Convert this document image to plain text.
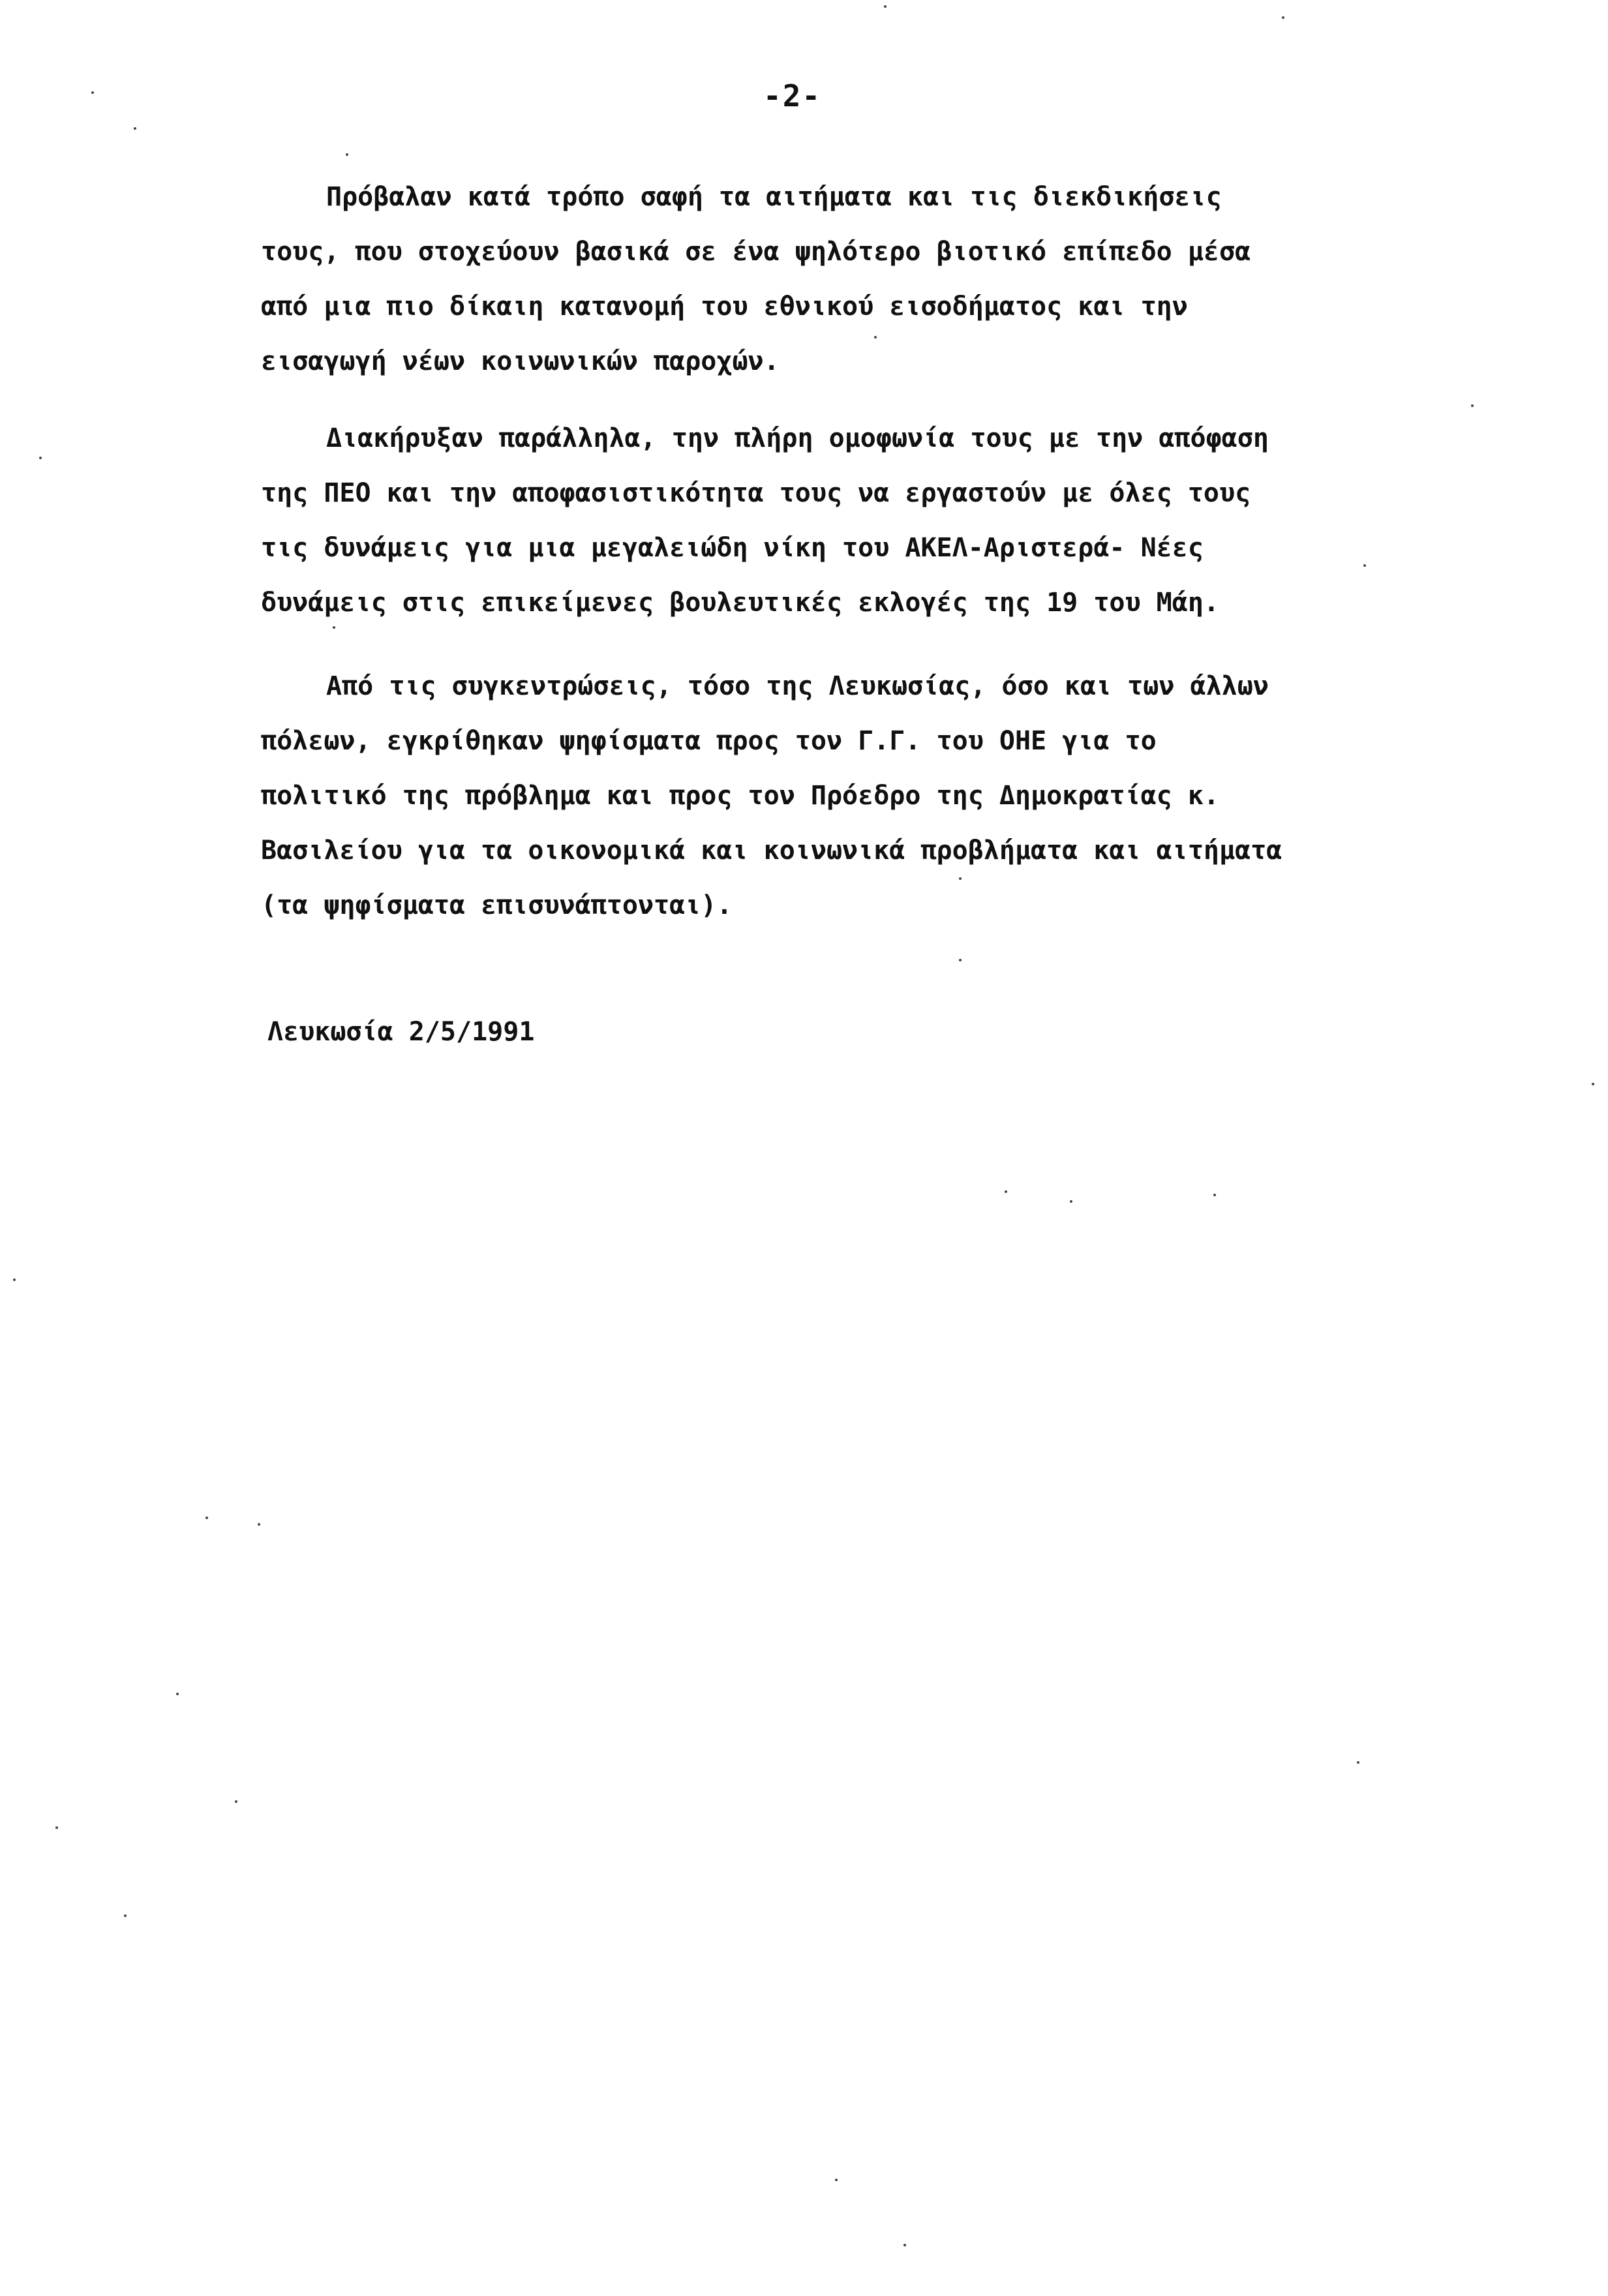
-2-
Πρόβαλαν κατά τρόπο σαφή τα αιτήματα και τις διεκδικήσεις
τους, που στοχεύουν βασικά σε ένα ψηλότερο βιοτικό επίπεδο μέσα
από μια πιο δίκαιη κατανομή του εθνικού εισοδήματος και την
εισαγωγή νέων κοινωνικών παροχών.
Διακήρυξαν παράλληλα, την πλήρη ομοφωνία τους με την απόφαση
της ΠΕΟ και την αποφασιστικότητα τους να εργαστούν με όλες τους
τις δυνάμεις για μια μεγαλειώδη νίκη του ΑΚΕΛ-Αριστερά- Νέες
δυνάμεις στις επικείμενες βουλευτικές εκλογές της 19 του Μάη.
Από τις συγκεντρώσεις, τόσο της Λευκωσίας, όσο και των άλλων
πόλεων, εγκρίθηκαν ψηφίσματα προς τον Γ.Γ. του ΟΗΕ για το
πολιτικό της πρόβλημα και προς τον Πρόεδρο της Δημοκρατίας κ.
Βασιλείου για τα οικονομικά και κοινωνικά προβλήματα και αιτήματα
(τα ψηφίσματα επισυνάπτονται).
Λευκωσία 2/5/1991
